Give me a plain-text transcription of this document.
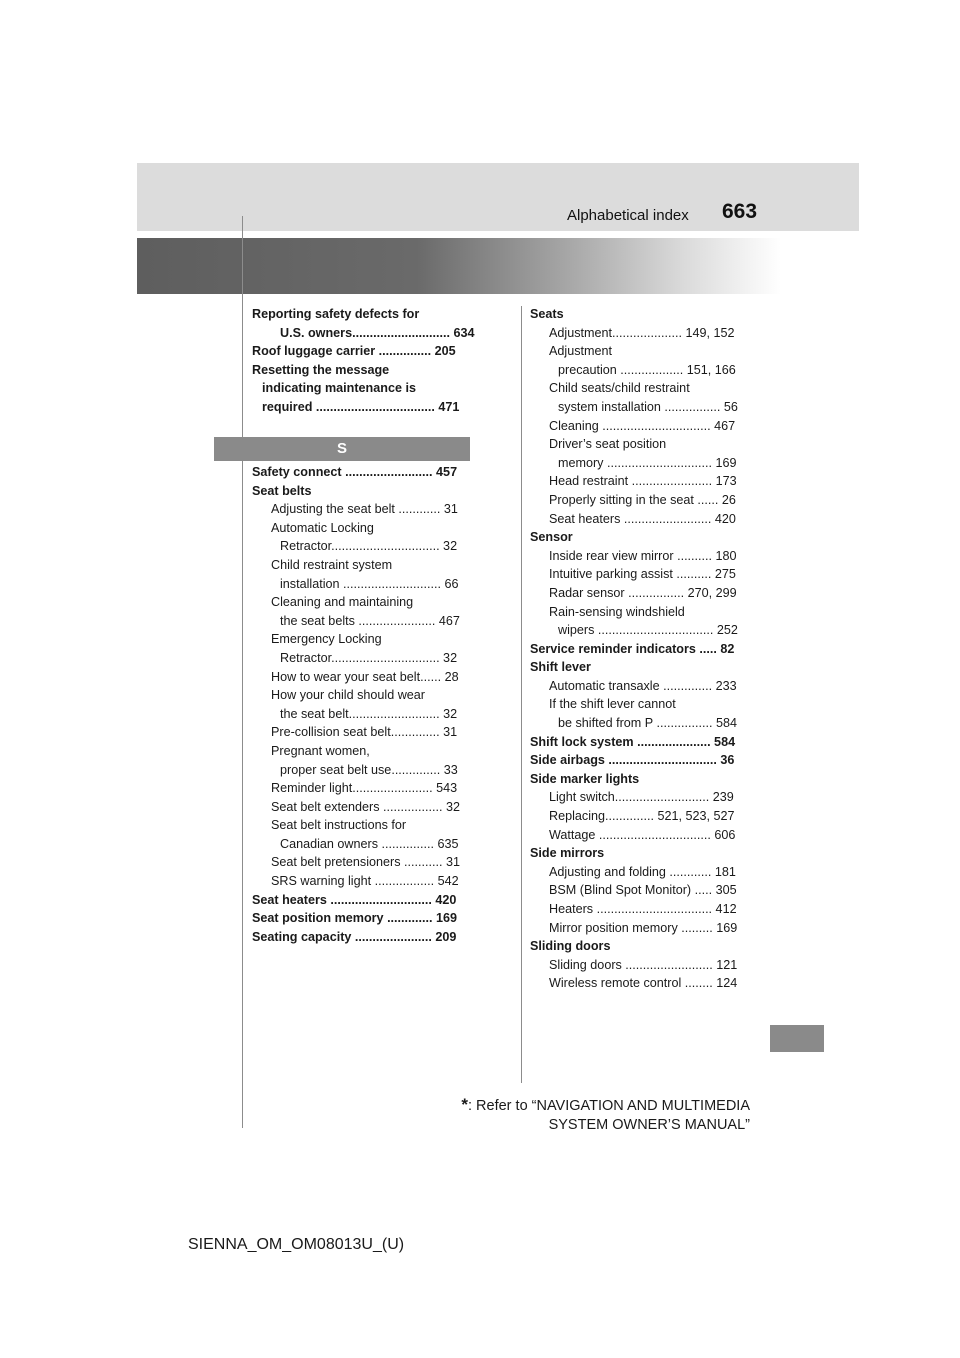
Alphabetical index 663
Reporting safety defects for
U.S. owners............................ 634
Roof luggage carrier ............... 205
Resetting the message
indicating maintenance is
required .................................. 471
S
Safety connect ......................... 457
Seat belts
Adjusting the seat belt ............ 31
Automatic Locking
Retractor............................... 32
Child restraint system
installation ............................ 66
Cleaning and maintaining
the seat belts ...................... 467
Emergency Locking
Retractor............................... 32
How to wear your seat belt...... 28
How your child should wear
the seat belt.......................... 32
Pre-collision seat belt.............. 31
Pregnant women,
proper seat belt use.............. 33
Reminder light....................... 543
Seat belt extenders ................. 32
Seat belt instructions for
Canadian owners ............... 635
Seat belt pretensioners ........... 31
SRS warning light ................. 542
Seat heaters ............................. 420
Seat position memory ............. 169
Seating capacity ...................... 209
Seats
Adjustment.................... 149, 152
Adjustment
precaution .................. 151, 166
Child seats/child restraint
system installation ................ 56
Cleaning ............................... 467
Driver’s seat position
memory .............................. 169
Head restraint ....................... 173
Properly sitting in the seat ...... 26
Seat heaters ......................... 420
Sensor
Inside rear view mirror .......... 180
Intuitive parking assist .......... 275
Radar sensor ................ 270, 299
Rain-sensing windshield
wipers ................................. 252
Service reminder indicators ..... 82
Shift lever
Automatic transaxle .............. 233
If the shift lever cannot
be shifted from P ................ 584
Shift lock system ..................... 584
Side airbags ............................... 36
Side marker lights
Light switch........................... 239
Replacing.............. 521, 523, 527
Wattage ................................ 606
Side mirrors
Adjusting and folding ............ 181
BSM (Blind Spot Monitor) ..... 305
Heaters ................................. 412
Mirror position memory ......... 169
Sliding doors
Sliding doors ......................... 121
Wireless remote control ........ 124
*: Refer to “NAVIGATION AND MULTIMEDIA
SYSTEM OWNER’S MANUAL”
SIENNA_OM_OM08013U_(U)
